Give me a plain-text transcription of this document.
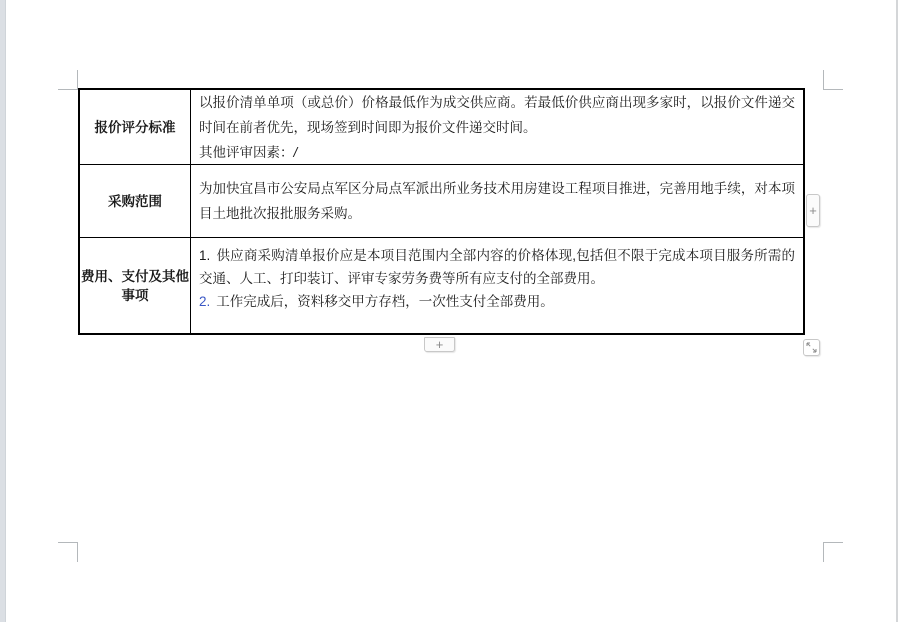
报价评分标准

以报价清单单项（或总价）价格最低作为成交供应商。若最低价供应商出现多家时，以报价文件递交时间在前者优先，现场签到时间即为报价文件递交时间。

其他评审因素：/

采购范围

为加快宜昌市公安局点军区分局点军派出所业务技术用房建设工程项目推进，完善用地手续，对本项目土地批次报批服务采购。

费用、支付及其他
事项

1. 供应商采购清单报价应是本项目范围内全部内容的价格体现,包括但不限于完成本项目服务所需的交通、人工、打印装订、评审专家劳务费等所有应支付的全部费用。

2. 工作完成后，资料移交甲方存档，一次性支付全部费用。

+
+
